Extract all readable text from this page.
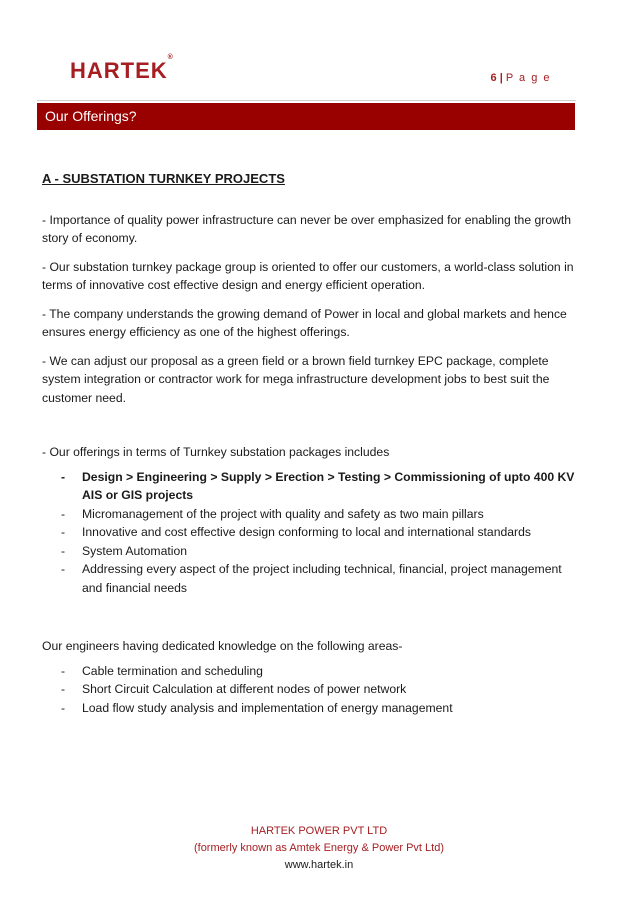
HARTEK®
6 | P a g e
Our Offerings?
A - SUBSTATION TURNKEY PROJECTS

- Importance of quality power infrastructure can never be over emphasized for enabling the growth story of economy.

- Our substation turnkey package group is oriented to offer our customers, a world-class solution in terms of innovative cost effective design and energy efficient operation.

- The company understands the growing demand of Power in local and global markets and hence ensures energy efficiency as one of the highest offerings.

- We can adjust our proposal as a green field or a brown field turnkey EPC package, complete system integration or contractor work for mega infrastructure development jobs to best suit the customer need.

- Our offerings in terms of Turnkey substation packages includes

- Design > Engineering > Supply > Erection > Testing > Commissioning of upto 400 KV AIS or GIS projects
- Micromanagement of the project with quality and safety as two main pillars
- Innovative and cost effective design conforming to local and international standards
- System Automation
- Addressing every aspect of the project including technical, financial, project management and financial needs

Our engineers having dedicated knowledge on the following areas-

- Cable termination and scheduling
- Short Circuit Calculation at different nodes of power network
- Load flow study analysis and implementation of energy management
HARTEK POWER PVT LTD
(formerly known as Amtek Energy & Power Pvt Ltd)
www.hartek.in
